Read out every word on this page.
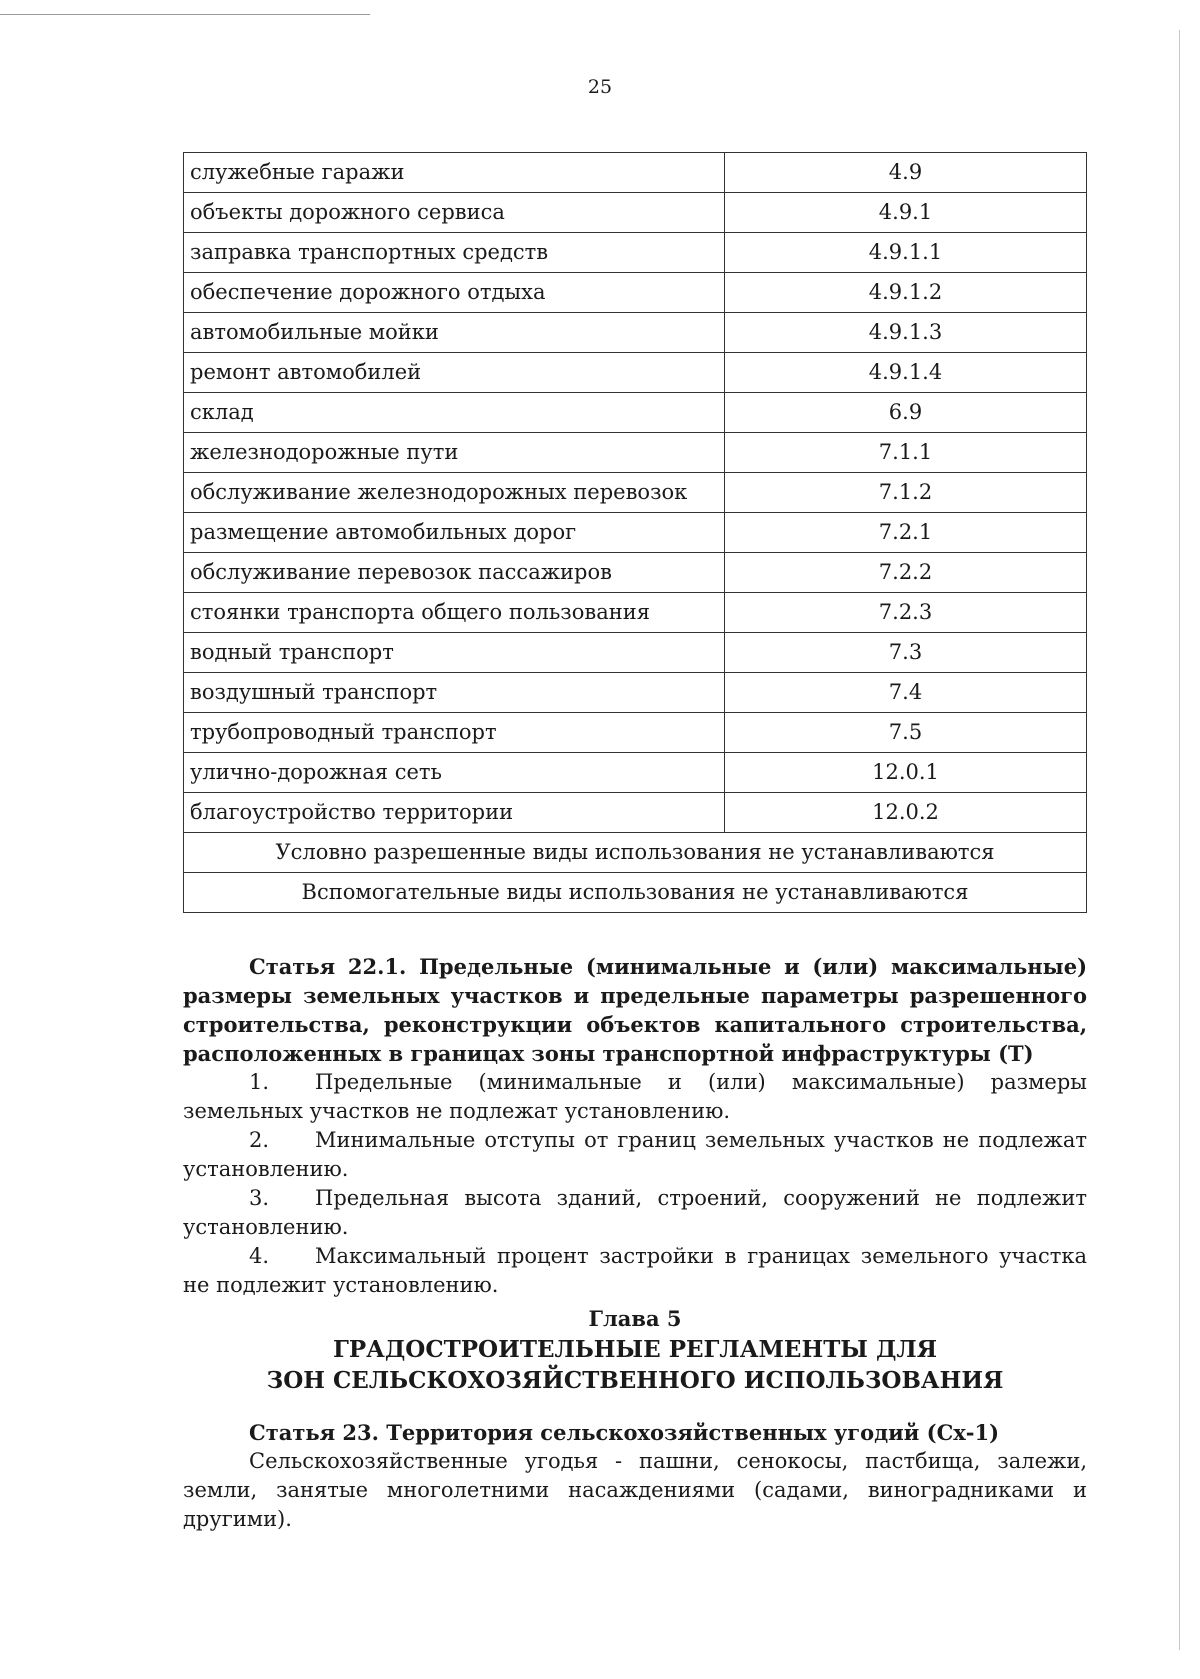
25
служебные гаражи	4.9
объекты дорожного сервиса	4.9.1
заправка транспортных средств	4.9.1.1
обеспечение дорожного отдыха	4.9.1.2
автомобильные мойки	4.9.1.3
ремонт автомобилей	4.9.1.4
склад	6.9
железнодорожные пути	7.1.1
обслуживание железнодорожных перевозок	7.1.2
размещение автомобильных дорог	7.2.1
обслуживание перевозок пассажиров	7.2.2
стоянки транспорта общего пользования	7.2.3
водный транспорт	7.3
воздушный транспорт	7.4
трубопроводный транспорт	7.5
улично-дорожная сеть	12.0.1
благоустройство территории	12.0.2
Условно разрешенные виды использования не устанавливаются	
Вспомогательные виды использования не устанавливаются	
Статья 22.1. Предельные (минимальные и (или) максимальные) размеры земельных участков и предельные параметры разрешенного строительства, реконструкции объектов капитального строительства, расположенных в границах зоны транспортной инфраструктуры (Т)
1. Предельные (минимальные и (или) максимальные) размеры земельных участков не подлежат установлению.
2. Минимальные отступы от границ земельных участков не подлежат установлению.
3. Предельная высота зданий, строений, сооружений не подлежит установлению.
4. Максимальный процент застройки в границах земельного участка не подлежит установлению.
Глава 5
ГРАДОСТРОИТЕЛЬНЫЕ РЕГЛАМЕНТЫ ДЛЯ
ЗОН СЕЛЬСКОХОЗЯЙСТВЕННОГО ИСПОЛЬЗОВАНИЯ
Статья 23. Территория сельскохозяйственных угодий (Сх-1)
Сельскохозяйственные угодья - пашни, сенокосы, пастбища, залежи, земли, занятые многолетними насаждениями (садами, виноградниками и другими).
